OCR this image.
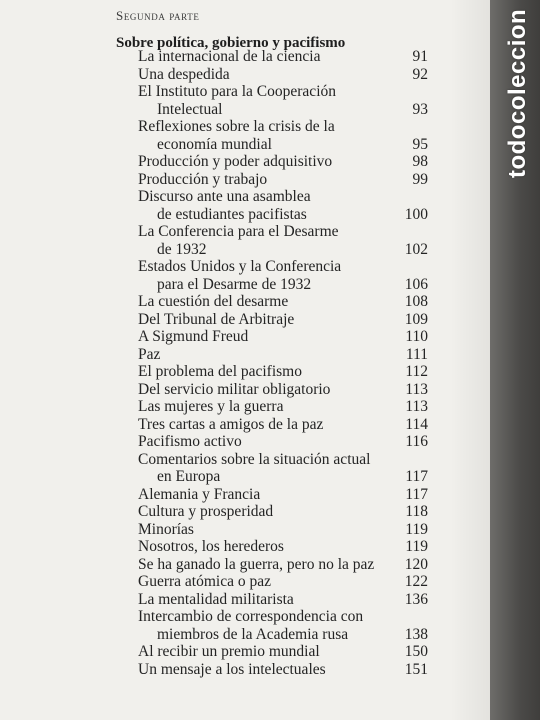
Segunda parte
Sobre política, gobierno y pacifismo
La internacional de la ciencia	91
Una despedida	92
El Instituto para la Cooperación
Intelectual	93
Reflexiones sobre la crisis de la
economía mundial	95
Producción y poder adquisitivo	98
Producción y trabajo	99
Discurso ante una asamblea
de estudiantes pacifistas	100
La Conferencia para el Desarme
de 1932	102
Estados Unidos y la Conferencia
para el Desarme de 1932	106
La cuestión del desarme	108
Del Tribunal de Arbitraje	109
A Sigmund Freud	110
Paz	111
El problema del pacifismo	112
Del servicio militar obligatorio	113
Las mujeres y la guerra	113
Tres cartas a amigos de la paz	114
Pacifismo activo	116
Comentarios sobre la situación actual
en Europa	117
Alemania y Francia	117
Cultura y prosperidad	118
Minorías	119
Nosotros, los herederos	119
Se ha ganado la guerra, pero no la paz 120
Guerra atómica o paz	122
La mentalidad militarista	136
Intercambio de correspondencia con
miembros de la Academia rusa	138
Al recibir un premio mundial	150
Un mensaje a los intelectuales	151
todocoleccion
